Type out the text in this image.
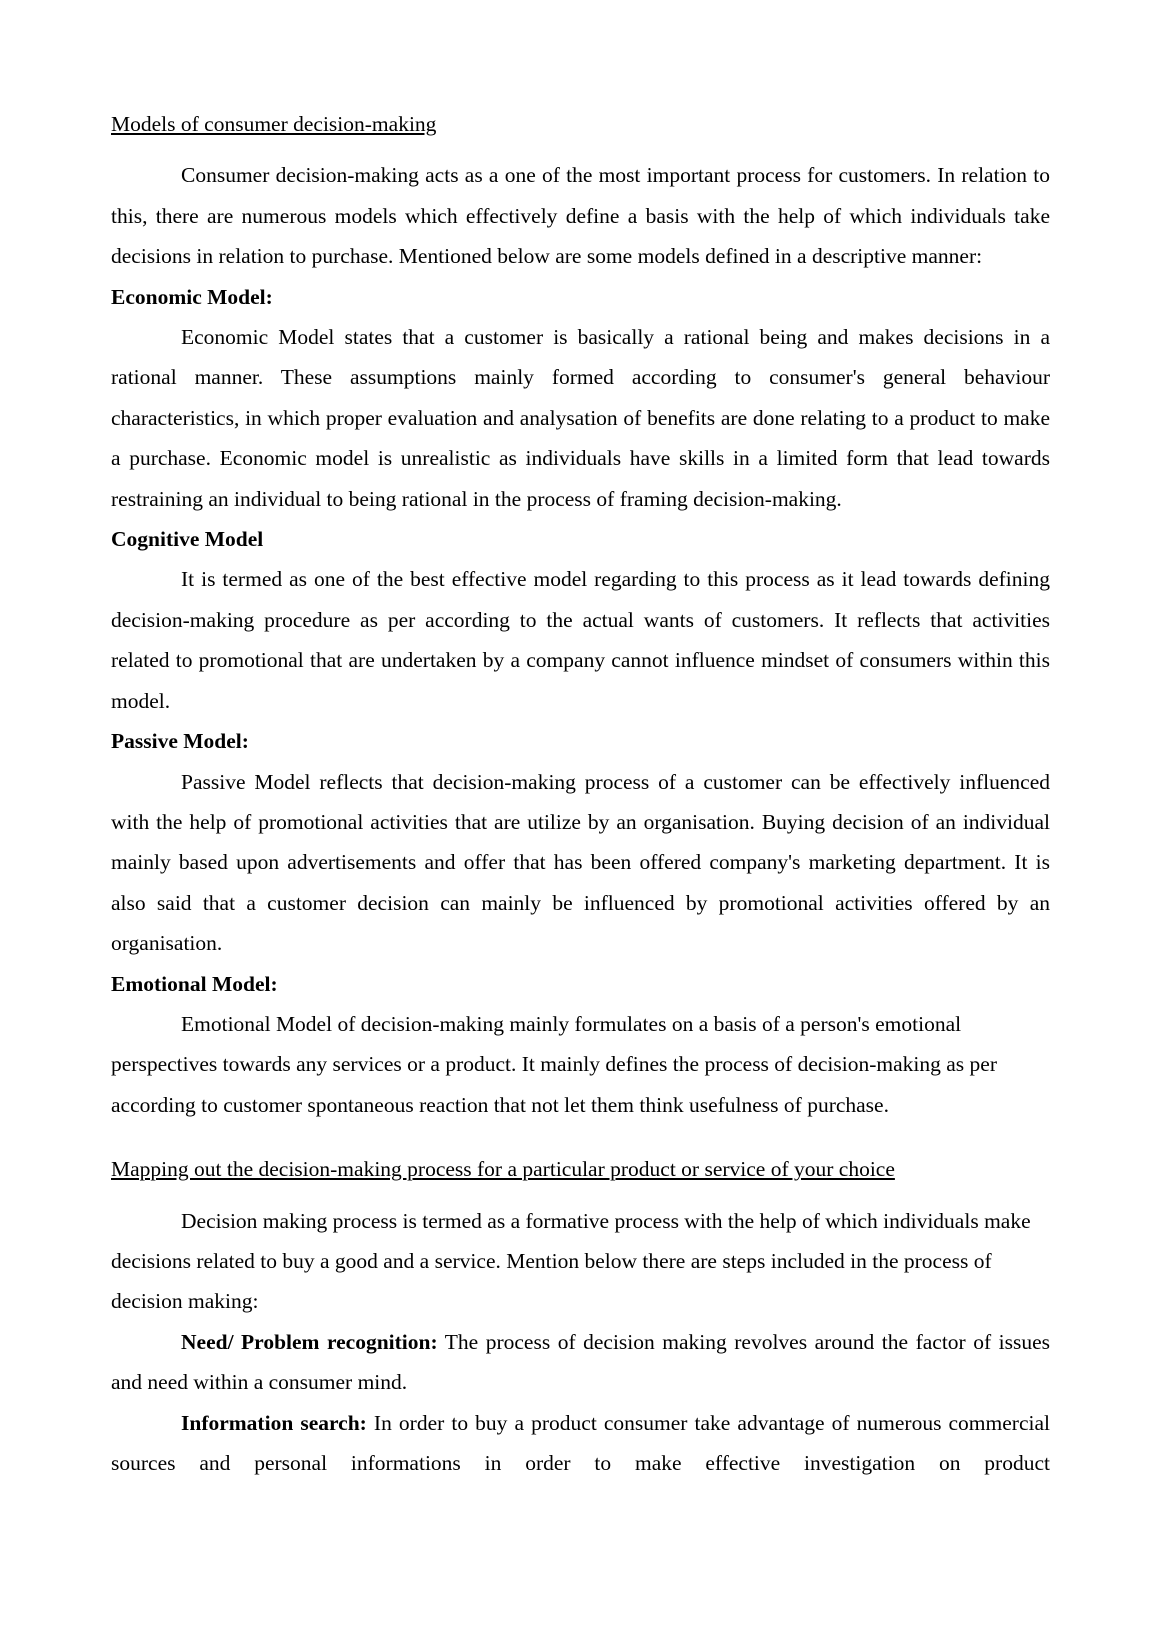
Models of consumer decision-making

Consumer decision-making acts as a one of the most important process for customers. In relation to this, there are numerous models which effectively define a basis with the help of which individuals take decisions in relation to purchase. Mentioned below are some models defined in a descriptive manner:

Economic Model:

Economic Model states that a customer is basically a rational being and makes decisions in a rational manner. These assumptions mainly formed according to consumer's general behaviour characteristics, in which proper evaluation and analysation of benefits are done relating to a product to make a purchase. Economic model is unrealistic as individuals have skills in a limited form that lead towards restraining an individual to being rational in the process of framing decision-making.

Cognitive Model

It is termed as one of the best effective model regarding to this process as it lead towards defining decision-making procedure as per according to the actual wants of customers. It reflects that activities related to promotional that are undertaken by a company cannot influence mindset of consumers within this model.

Passive Model:

Passive Model reflects that decision-making process of a customer can be effectively influenced with the help of promotional activities that are utilize by an organisation. Buying decision of an individual mainly based upon advertisements and offer that has been offered company's marketing department. It is also said that a customer decision can mainly be influenced by promotional activities offered by an organisation.

Emotional Model:

Emotional Model of decision-making mainly formulates on a basis of a person's emotional perspectives towards any services or a product. It mainly defines the process of decision-making as per according to customer spontaneous reaction that not let them think usefulness of purchase.

Mapping out the decision-making process for a particular product or service of your choice

Decision making process is termed as a formative process with the help of which individuals make decisions related to buy a good and a service. Mention below there are steps included in the process of decision making:

Need/ Problem recognition: The process of decision making revolves around the factor of issues and need within a consumer mind.

Information search: In order to buy a product consumer take advantage of numerous commercial sources and personal informations in order to make effective investigation on product
